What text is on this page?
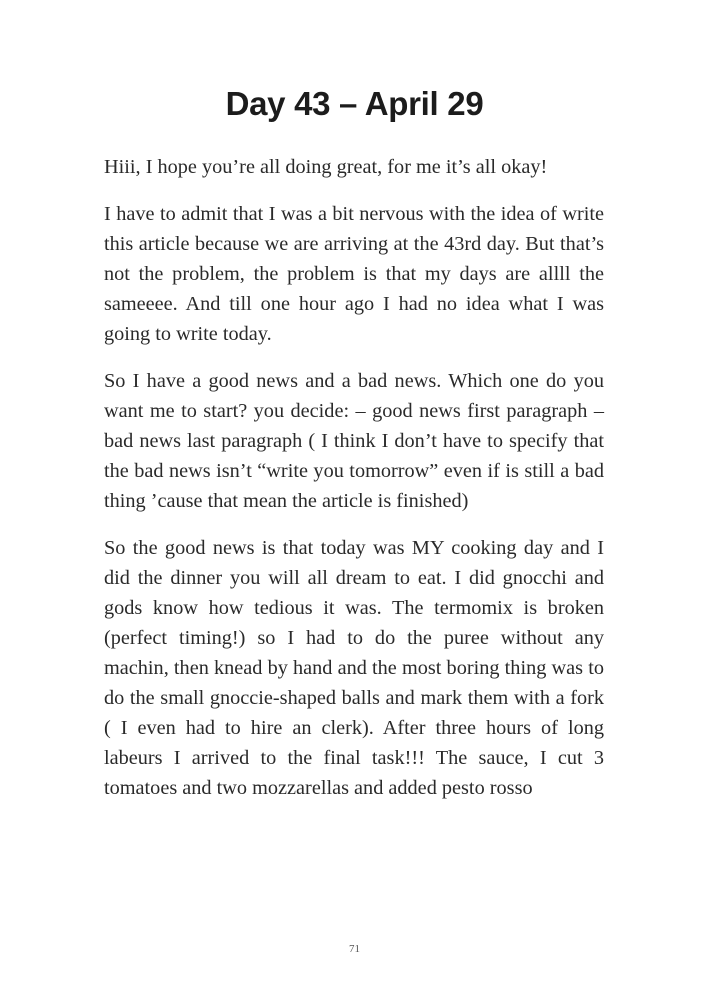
Day 43 – April 29

Hiii, I hope you’re all doing great, for me it’s all okay!

I have to admit that I was a bit nervous with the idea of write this article because we are arriving at the 43rd day. But that’s not the problem, the problem is that my days are allll the sameeee. And till one hour ago I had no idea what I was going to write today.

So I have a good news and a bad news. Which one do you want me to start? you decide: – good news first paragraph – bad news last paragraph ( I think I don’t have to specify that the bad news isn’t “write you tomorrow” even if is still a bad thing ’cause that mean the article is finished)

So the good news is that today was MY cooking day and I did the dinner you will all dream to eat. I did gnocchi and gods know how tedious it was. The termomix is broken (perfect timing!) so I had to do the puree without any machin, then knead by hand and the most boring thing was to do the small gnoccie-shaped balls and mark them with a fork ( I even had to hire an clerk). After three hours of long labeurs I arrived to the final task!!! The sauce, I cut 3 tomatoes and two mozzarellas and added pesto rosso

71
